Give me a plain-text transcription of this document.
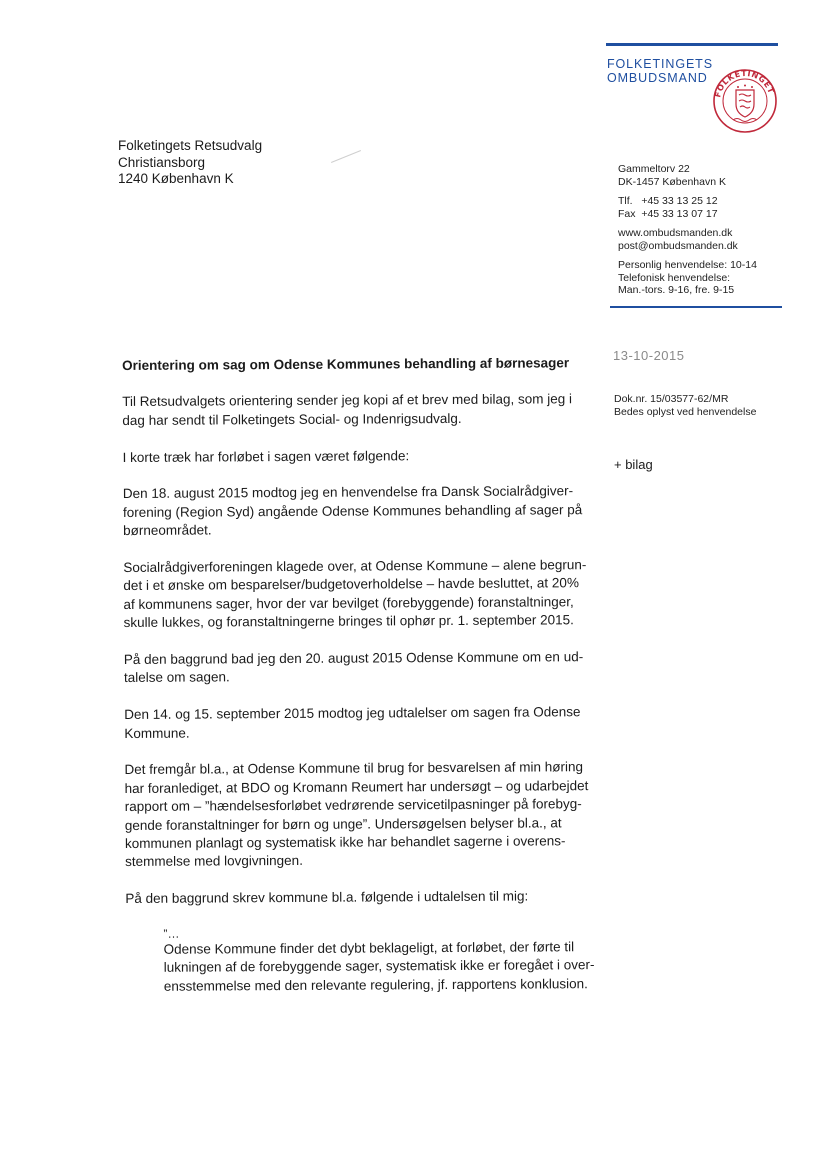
FOLKETINGETS
OMBUDSMAND
FOLKETINGET
Folketingets Retsudvalg
Christiansborg
1240 København K
Gammeltorv 22
DK-1457 København K
Tlf.   +45 33 13 25 12
Fax  +45 33 13 07 17
www.ombudsmanden.dk
post@ombudsmanden.dk
Personlig henvendelse: 10-14
Telefonisk henvendelse:
Man.-tors. 9-16, fre. 9-15
13-10-2015
Dok.nr. 15/03577-62/MR
Bedes oplyst ved henvendelse
+ bilag
Orientering om sag om Odense Kommunes behandling af børnesager

Til Retsudvalgets orientering sender jeg kopi af et brev med bilag, som jeg i
dag har sendt til Folketingets Social- og Indenrigsudvalg.

I korte træk har forløbet i sagen været følgende:

Den 18. august 2015 modtog jeg en henvendelse fra Dansk Socialrådgiver-
forening (Region Syd) angående Odense Kommunes behandling af sager på
børneområdet.

Socialrådgiverforeningen klagede over, at Odense Kommune – alene begrun-
det i et ønske om besparelser/budgetoverholdelse – havde besluttet, at 20%
af kommunens sager, hvor der var bevilget (forebyggende) foranstaltninger,
skulle lukkes, og foranstaltningerne bringes til ophør pr. 1. september 2015.

På den baggrund bad jeg den 20. august 2015 Odense Kommune om en ud-
talelse om sagen.

Den 14. og 15. september 2015 modtog jeg udtalelser om sagen fra Odense
Kommune.

Det fremgår bl.a., at Odense Kommune til brug for besvarelsen af min høring
har foranlediget, at BDO og Kromann Reumert har undersøgt – og udarbejdet
rapport om – ”hændelsesforløbet vedrørende servicetilpasninger på forebyg-
gende foranstaltninger for børn og unge”. Undersøgelsen belyser bl.a., at
kommunen planlagt og systematisk ikke har behandlet sagerne i overens-
stemmelse med lovgivningen.

På den baggrund skrev kommune bl.a. følgende i udtalelsen til mig:

”…
Odense Kommune finder det dybt beklageligt, at forløbet, der førte til
lukningen af de forebyggende sager, systematisk ikke er foregået i over-
ensstemmelse med den relevante regulering, jf. rapportens konklusion.
